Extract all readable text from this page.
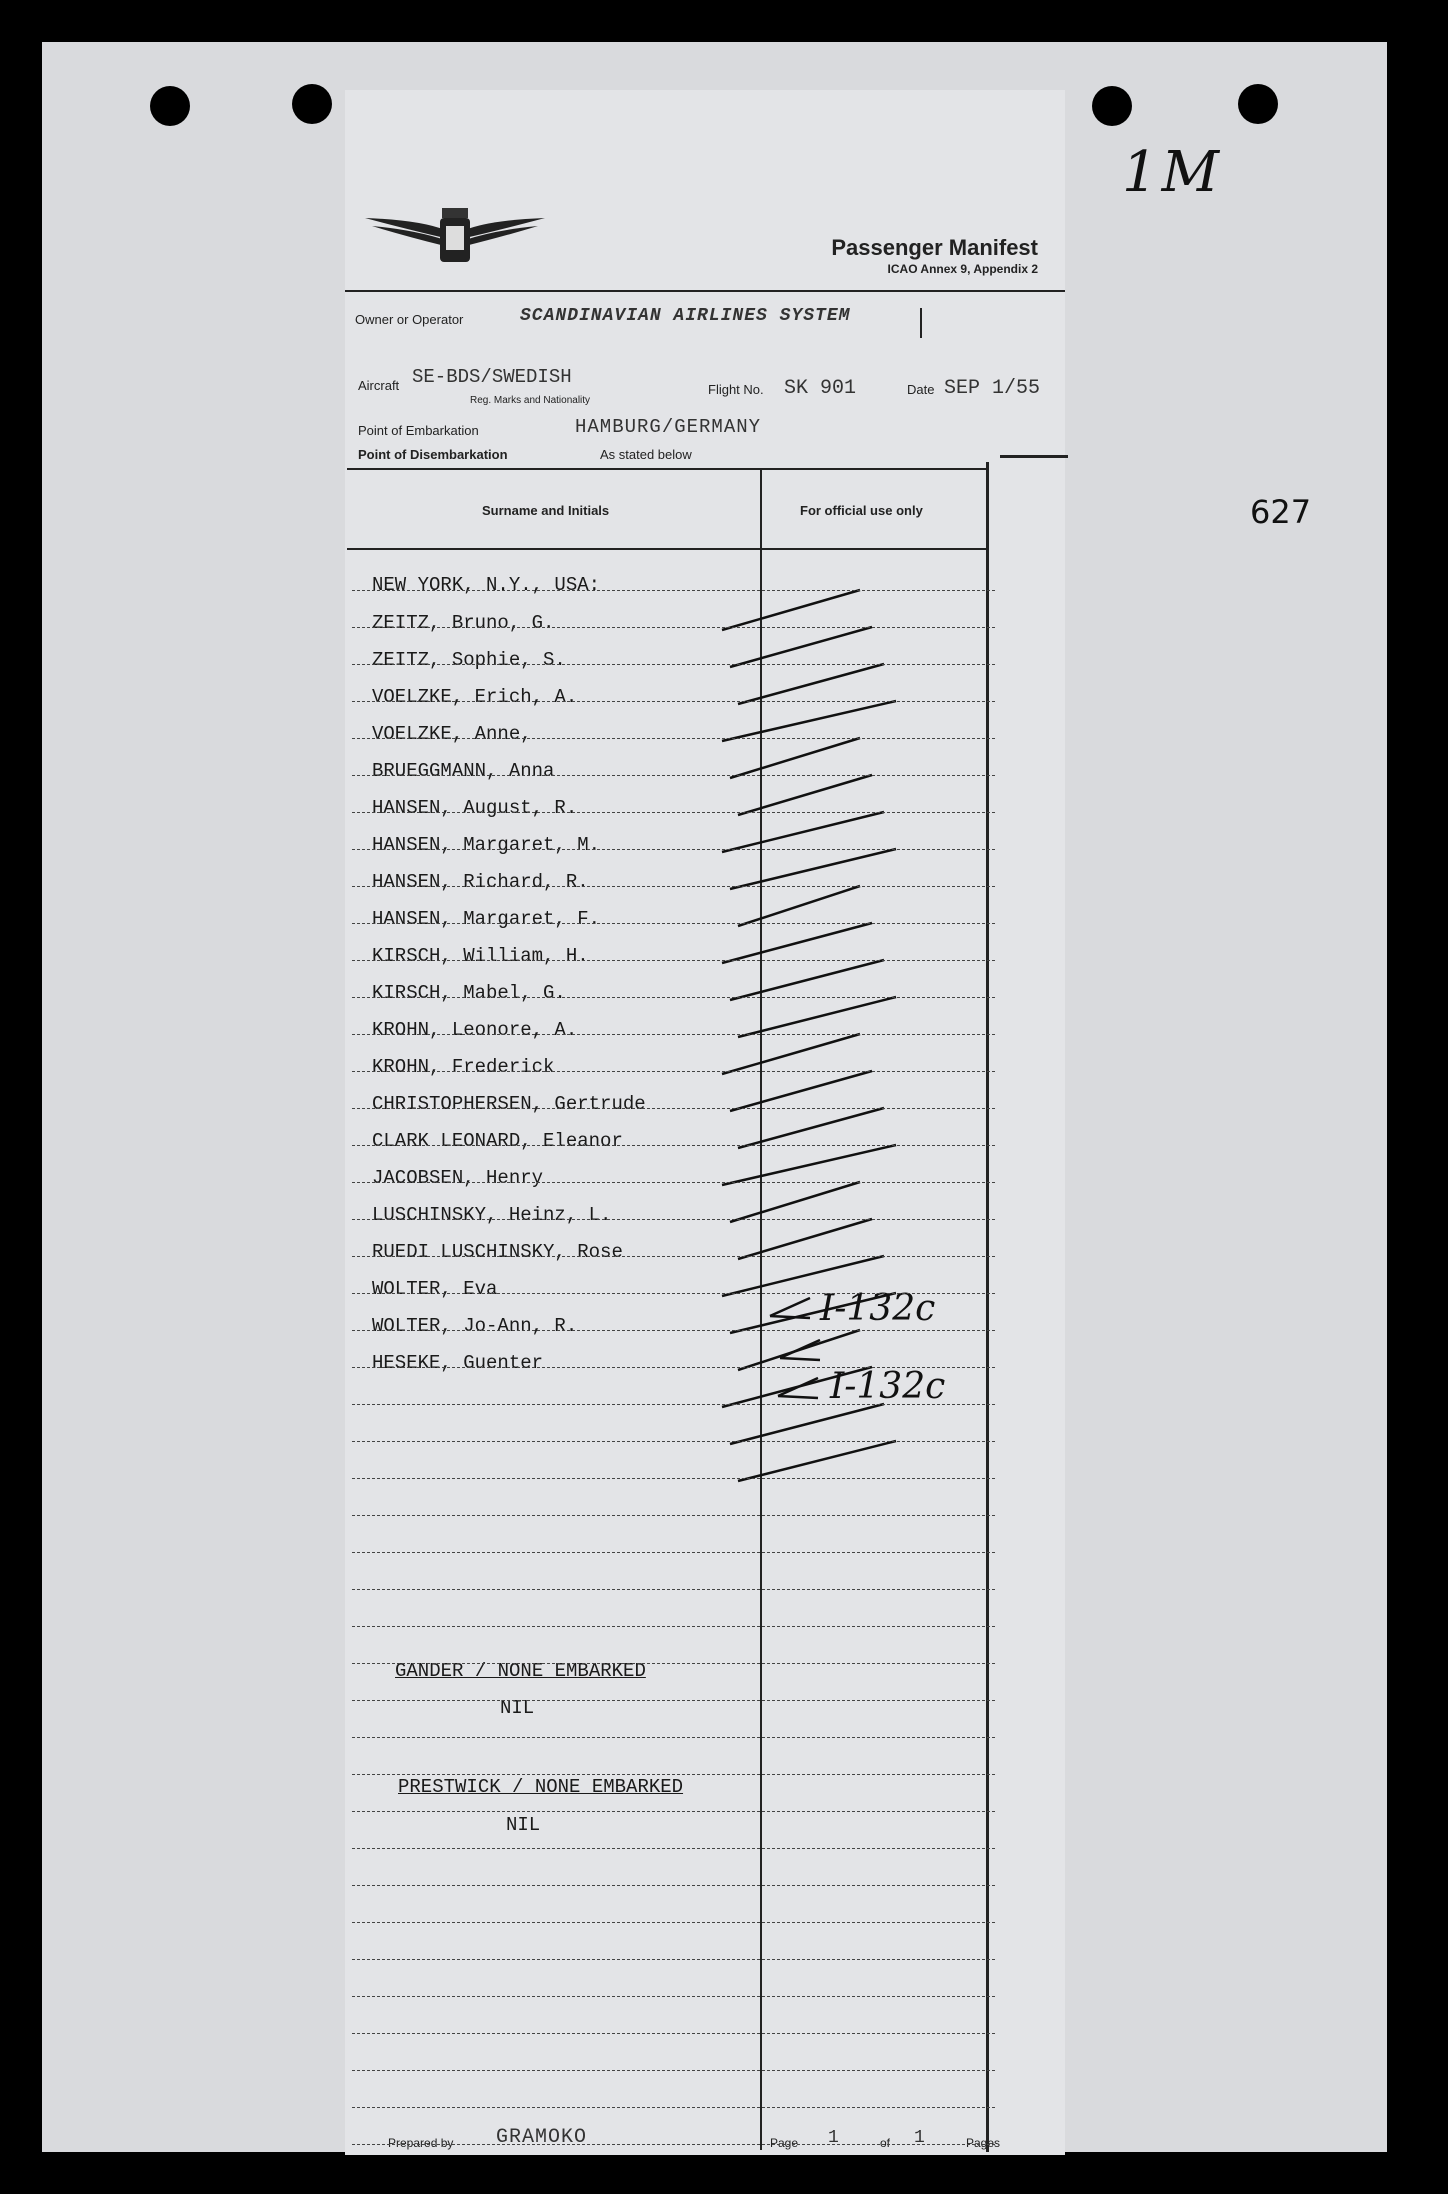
1M
627
Passenger Manifest
ICAO Annex 9, Appendix 2
Owner or Operator	SCANDINAVIAN AIRLINES SYSTEM
Aircraft SE-BDS/SWEDISH
Reg. Marks and Nationality
Flight No. SK 901	Date SEP 1/55
Point of Embarkation	HAMBURG/GERMANY
Point of Disembarkation	As stated below
Surname and Initials	For official use only
NEW YORK, N.Y., USA:
ZEITZ, Bruno, G.
ZEITZ, Sophie, S.
VOELZKE, Erich, A.
VOELZKE, Anne,
BRUEGGMANN, Anna
HANSEN, August, R.
HANSEN, Margaret, M.
HANSEN, Richard, R.
HANSEN, Margaret, F.
KIRSCH, William, H.
KIRSCH, Mabel, G.
KROHN, Leonore, A.
KROHN, Frederick
CHRISTOPHERSEN, Gertrude
CLARK LEONARD, Eleanor
JACOBSEN, Henry
LUSCHINSKY, Heinz, L.
RUEDI LUSCHINSKY, Rose
WOLTER, Eva
WOLTER, Jo-Ann, R.
HESEKE, Guenter
I-132c
I-132c
GANDER / NONE EMBARKED
NIL
PRESTWICK / NONE EMBARKED
NIL
Prepared by GRAMOKO	Page 1	of 1	Pages
